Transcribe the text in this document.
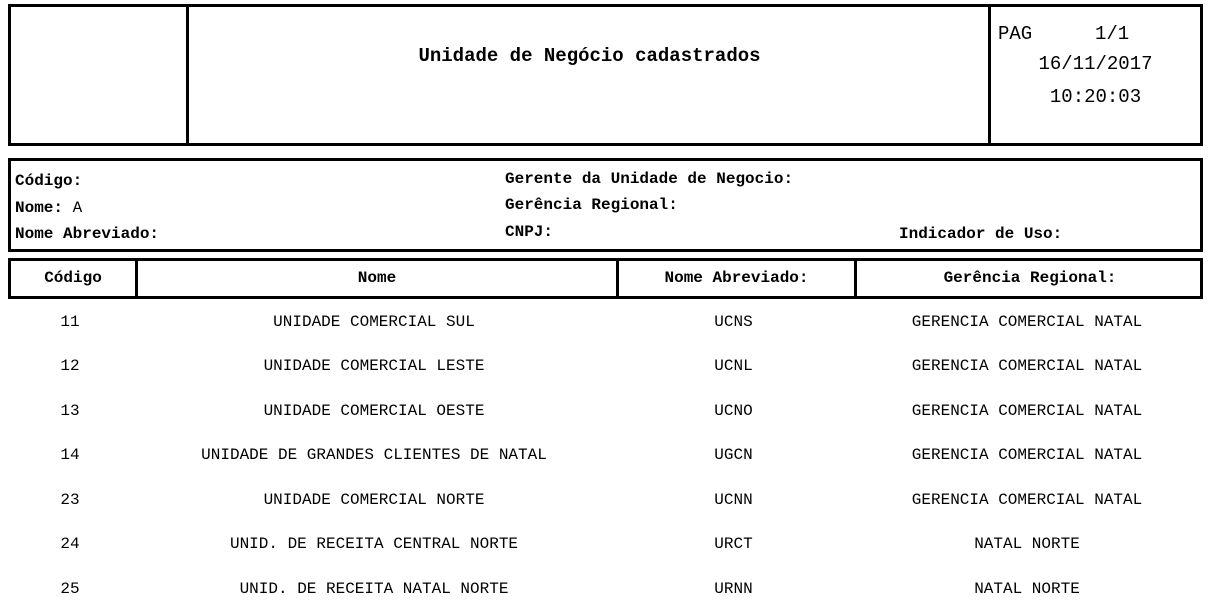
Unidade de Negócio cadastrados
PAG	1/1
16/11/2017
10:20:03
Código:
Nome: A
Nome Abreviado:
Gerente da Unidade de Negocio:
Gerência Regional:
CNPJ:	Indicador de Uso:
Código	Nome	Nome Abreviado:	Gerência Regional:
11	UNIDADE COMERCIAL SUL	UCNS	GERENCIA COMERCIAL NATAL
12	UNIDADE COMERCIAL LESTE	UCNL	GERENCIA COMERCIAL NATAL
13	UNIDADE COMERCIAL OESTE	UCNO	GERENCIA COMERCIAL NATAL
14	UNIDADE DE GRANDES CLIENTES DE NATAL	UGCN	GERENCIA COMERCIAL NATAL
23	UNIDADE COMERCIAL NORTE	UCNN	GERENCIA COMERCIAL NATAL
24	UNID. DE RECEITA CENTRAL NORTE	URCT	NATAL NORTE
25	UNID. DE RECEITA NATAL NORTE	URNN	NATAL NORTE
